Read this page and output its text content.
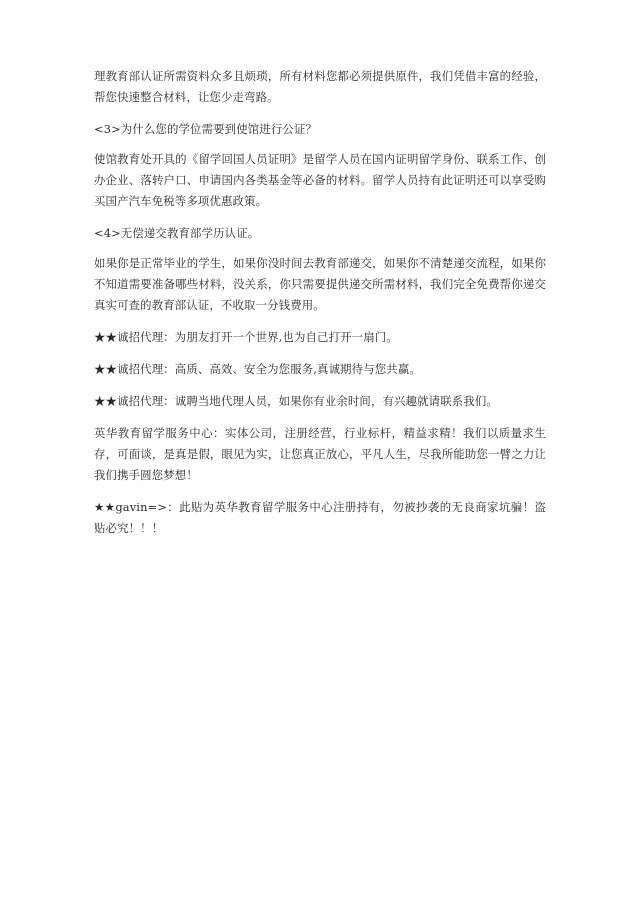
理教育部认证所需资料众多且烦琐，所有材料您都必须提供原件，我们凭借丰富的经验，帮您快速整合材料，让您少走弯路。

<3>为什么您的学位需要到使馆进行公证？

使馆教育处开具的《留学回国人员证明》是留学人员在国内证明留学身份、联系工作、创办企业、落转户口、申请国内各类基金等必备的材料。留学人员持有此证明还可以享受购买国产汽车免税等多项优惠政策。

<4>无偿递交教育部学历认证。

如果你是正常毕业的学生，如果你没时间去教育部递交，如果你不清楚递交流程，如果你不知道需要准备哪些材料，没关系，你只需要提供递交所需材料，我们完全免费帮你递交真实可查的教育部认证，不收取一分钱费用。

★★诚招代理：为朋友打开一个世界,也为自己打开一扇门。

★★诚招代理：高质、高效、安全为您服务,真诚期待与您共赢。

★★诚招代理：诚聘当地代理人员，如果你有业余时间，有兴趣就请联系我们。

英华教育留学服务中心：实体公司，注册经营，行业标杆，精益求精！我们以质量求生存，可面谈，是真是假，眼见为实，让您真正放心，平凡人生，尽我所能助您一臂之力让我们携手圆您梦想！

★★gavin=>：此贴为英华教育留学服务中心注册持有，勿被抄袭的无良商家坑骗！盗贴必究！！！
